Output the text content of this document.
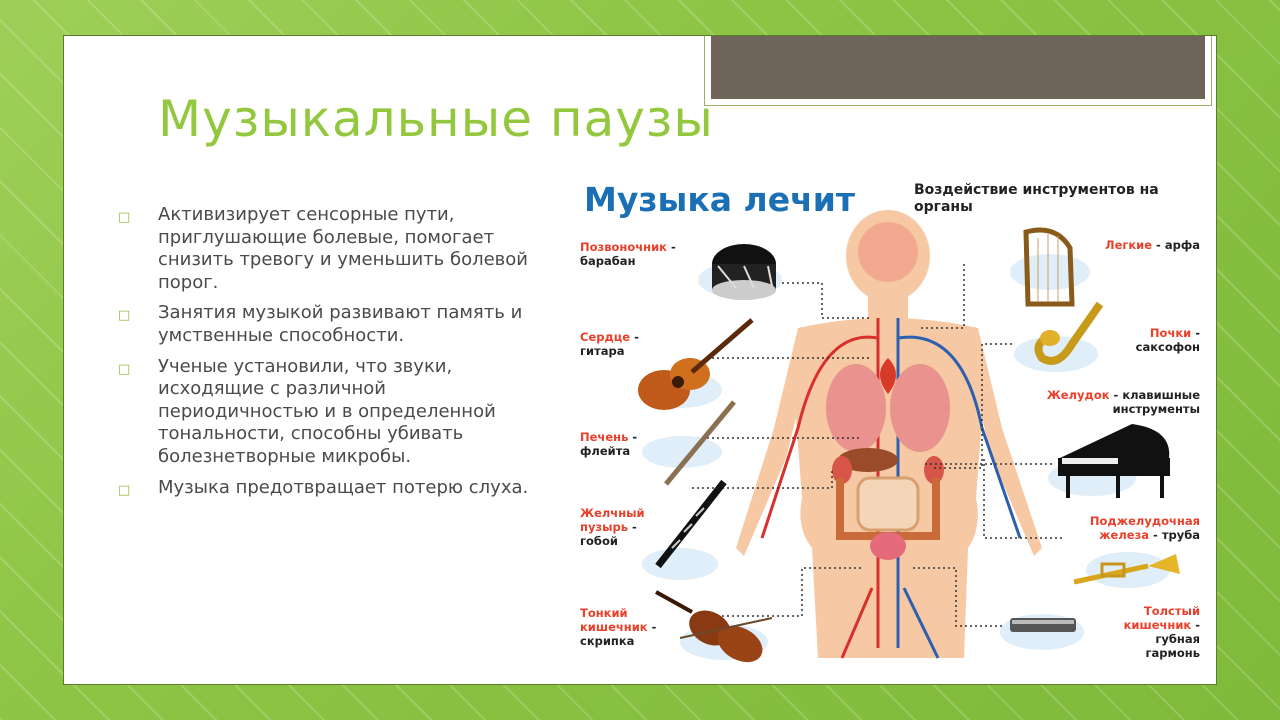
Музыкальные паузы
□ Активизирует сенсорные пути, приглушающие болевые, помогает снизить тревогу и уменьшить болевой порог.
□ Занятия музыкой развивают память и умственные способности.
□ Ученые установили, что звуки, исходящие с различной периодичностью и в определенной тональности, способны убивать болезнетворные микробы.
□ Музыка предотвращает потерю слуха.
Музыка лечит	Воздействие инструментов на органы

Позвоночник -
барабан
Сердце -
гитара
Печень -
флейта
Желчный пузырь -
гобой
Тонкий кишечник -
скрипка
Легкие - арфа
Почки -
саксофон
Желудок - клавишные инструменты
Поджелудочная железа - труба
Толстый кишечник -
губная гармонь
